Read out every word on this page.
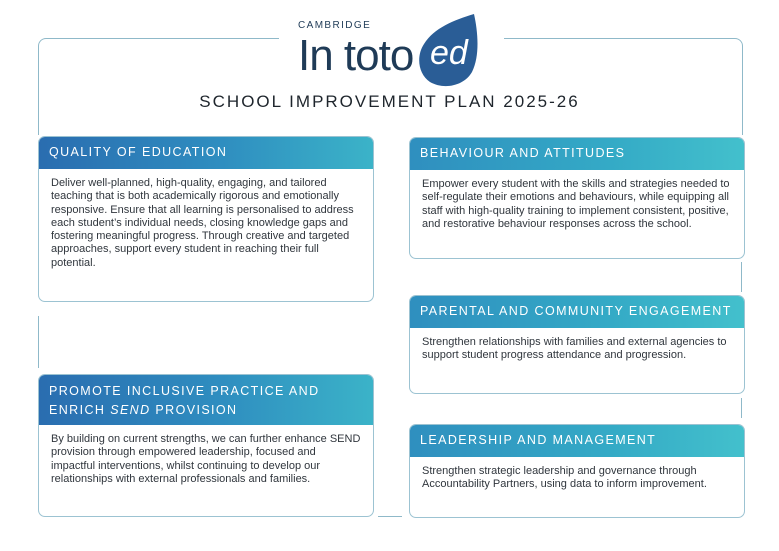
ed
CAMBRIDGE
In toto
SCHOOL IMPROVEMENT PLAN 2025-26
QUALITY OF EDUCATION
Deliver well-planned, high-quality, engaging, and tailored teaching that is both academically rigorous and emotionally responsive. Ensure that all learning is personalised to address each student’s individual needs, closing knowledge gaps and fostering meaningful progress. Through creative and targeted approaches, support every student in reaching their full potential.
BEHAVIOUR AND ATTITUDES
Empower every student with the skills and strategies needed to self-regulate their emotions and behaviours, while equipping all staff with high-quality training to implement consistent, positive, and restorative behaviour responses across the school.
PARENTAL AND COMMUNITY ENGAGEMENT
Strengthen relationships with families and external agencies to support student progress attendance and progression.
PROMOTE INCLUSIVE PRACTICE AND
ENRICH SEND PROVISION
By building on current strengths, we can further enhance SEND provision through empowered leadership, focused and impactful interventions, whilst continuing to develop our relationships with external professionals and families.
LEADERSHIP AND MANAGEMENT
Strengthen strategic leadership and governance through Accountability Partners, using data to inform improvement.
